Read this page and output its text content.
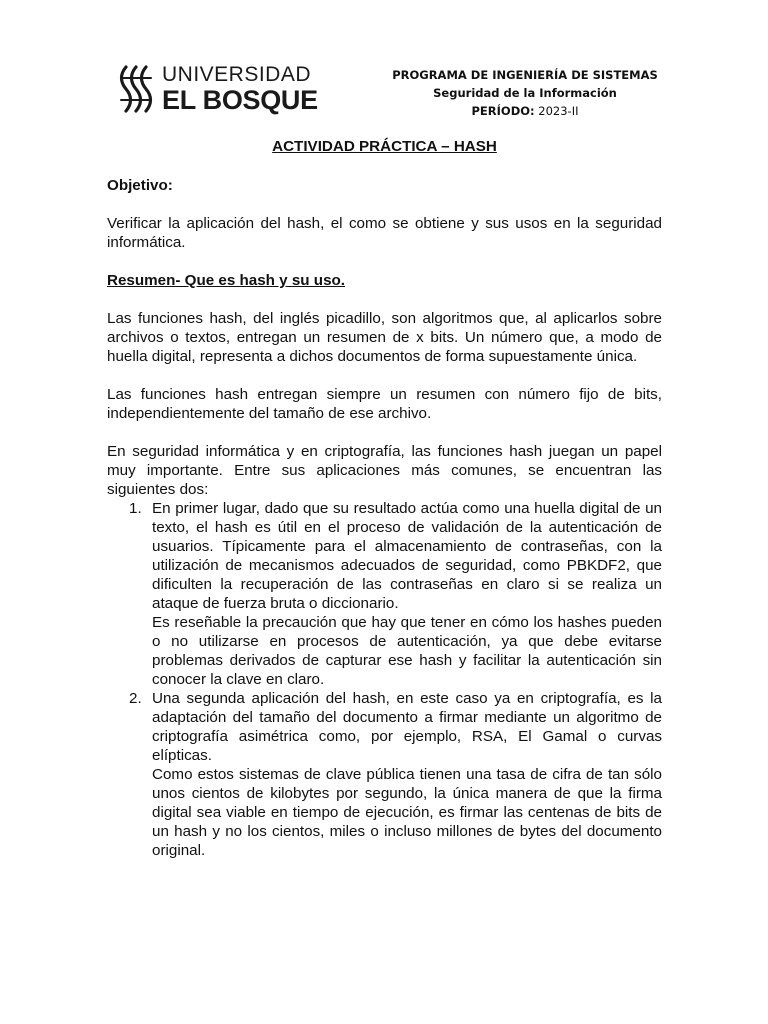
UNIVERSIDAD
EL BOSQUE
PROGRAMA DE INGENIERÍA DE SISTEMAS
Seguridad de la Información
PERÍODO: 2023-II

ACTIVIDAD PRÁCTICA – HASH

Objetivo:

Verificar la aplicación del hash, el como se obtiene y sus usos en la seguridad informática.

Resumen- Que es hash y su uso.

Las funciones hash, del inglés picadillo, son algoritmos que, al aplicarlos sobre archivos o textos, entregan un resumen de x bits. Un número que, a modo de huella digital, representa a dichos documentos de forma supuestamente única.

Las funciones hash entregan siempre un resumen con número fijo de bits, independientemente del tamaño de ese archivo.

En seguridad informática y en criptografía, las funciones hash juegan un papel muy importante. Entre sus aplicaciones más comunes, se encuentran las siguientes dos:

1. En primer lugar, dado que su resultado actúa como una huella digital de un texto, el hash es útil en el proceso de validación de la autenticación de usuarios. Típicamente para el almacenamiento de contraseñas, con la utilización de mecanismos adecuados de seguridad, como PBKDF2, que dificulten la recuperación de las contraseñas en claro si se realiza un ataque de fuerza bruta o diccionario.

Es reseñable la precaución que hay que tener en cómo los hashes pueden o no utilizarse en procesos de autenticación, ya que debe evitarse problemas derivados de capturar ese hash y facilitar la autenticación sin conocer la clave en claro.

2. Una segunda aplicación del hash, en este caso ya en criptografía, es la adaptación del tamaño del documento a firmar mediante un algoritmo de criptografía asimétrica como, por ejemplo, RSA, El Gamal o curvas elípticas.

Como estos sistemas de clave pública tienen una tasa de cifra de tan sólo unos cientos de kilobytes por segundo, la única manera de que la firma digital sea viable en tiempo de ejecución, es firmar las centenas de bits de un hash y no los cientos, miles o incluso millones de bytes del documento original.
